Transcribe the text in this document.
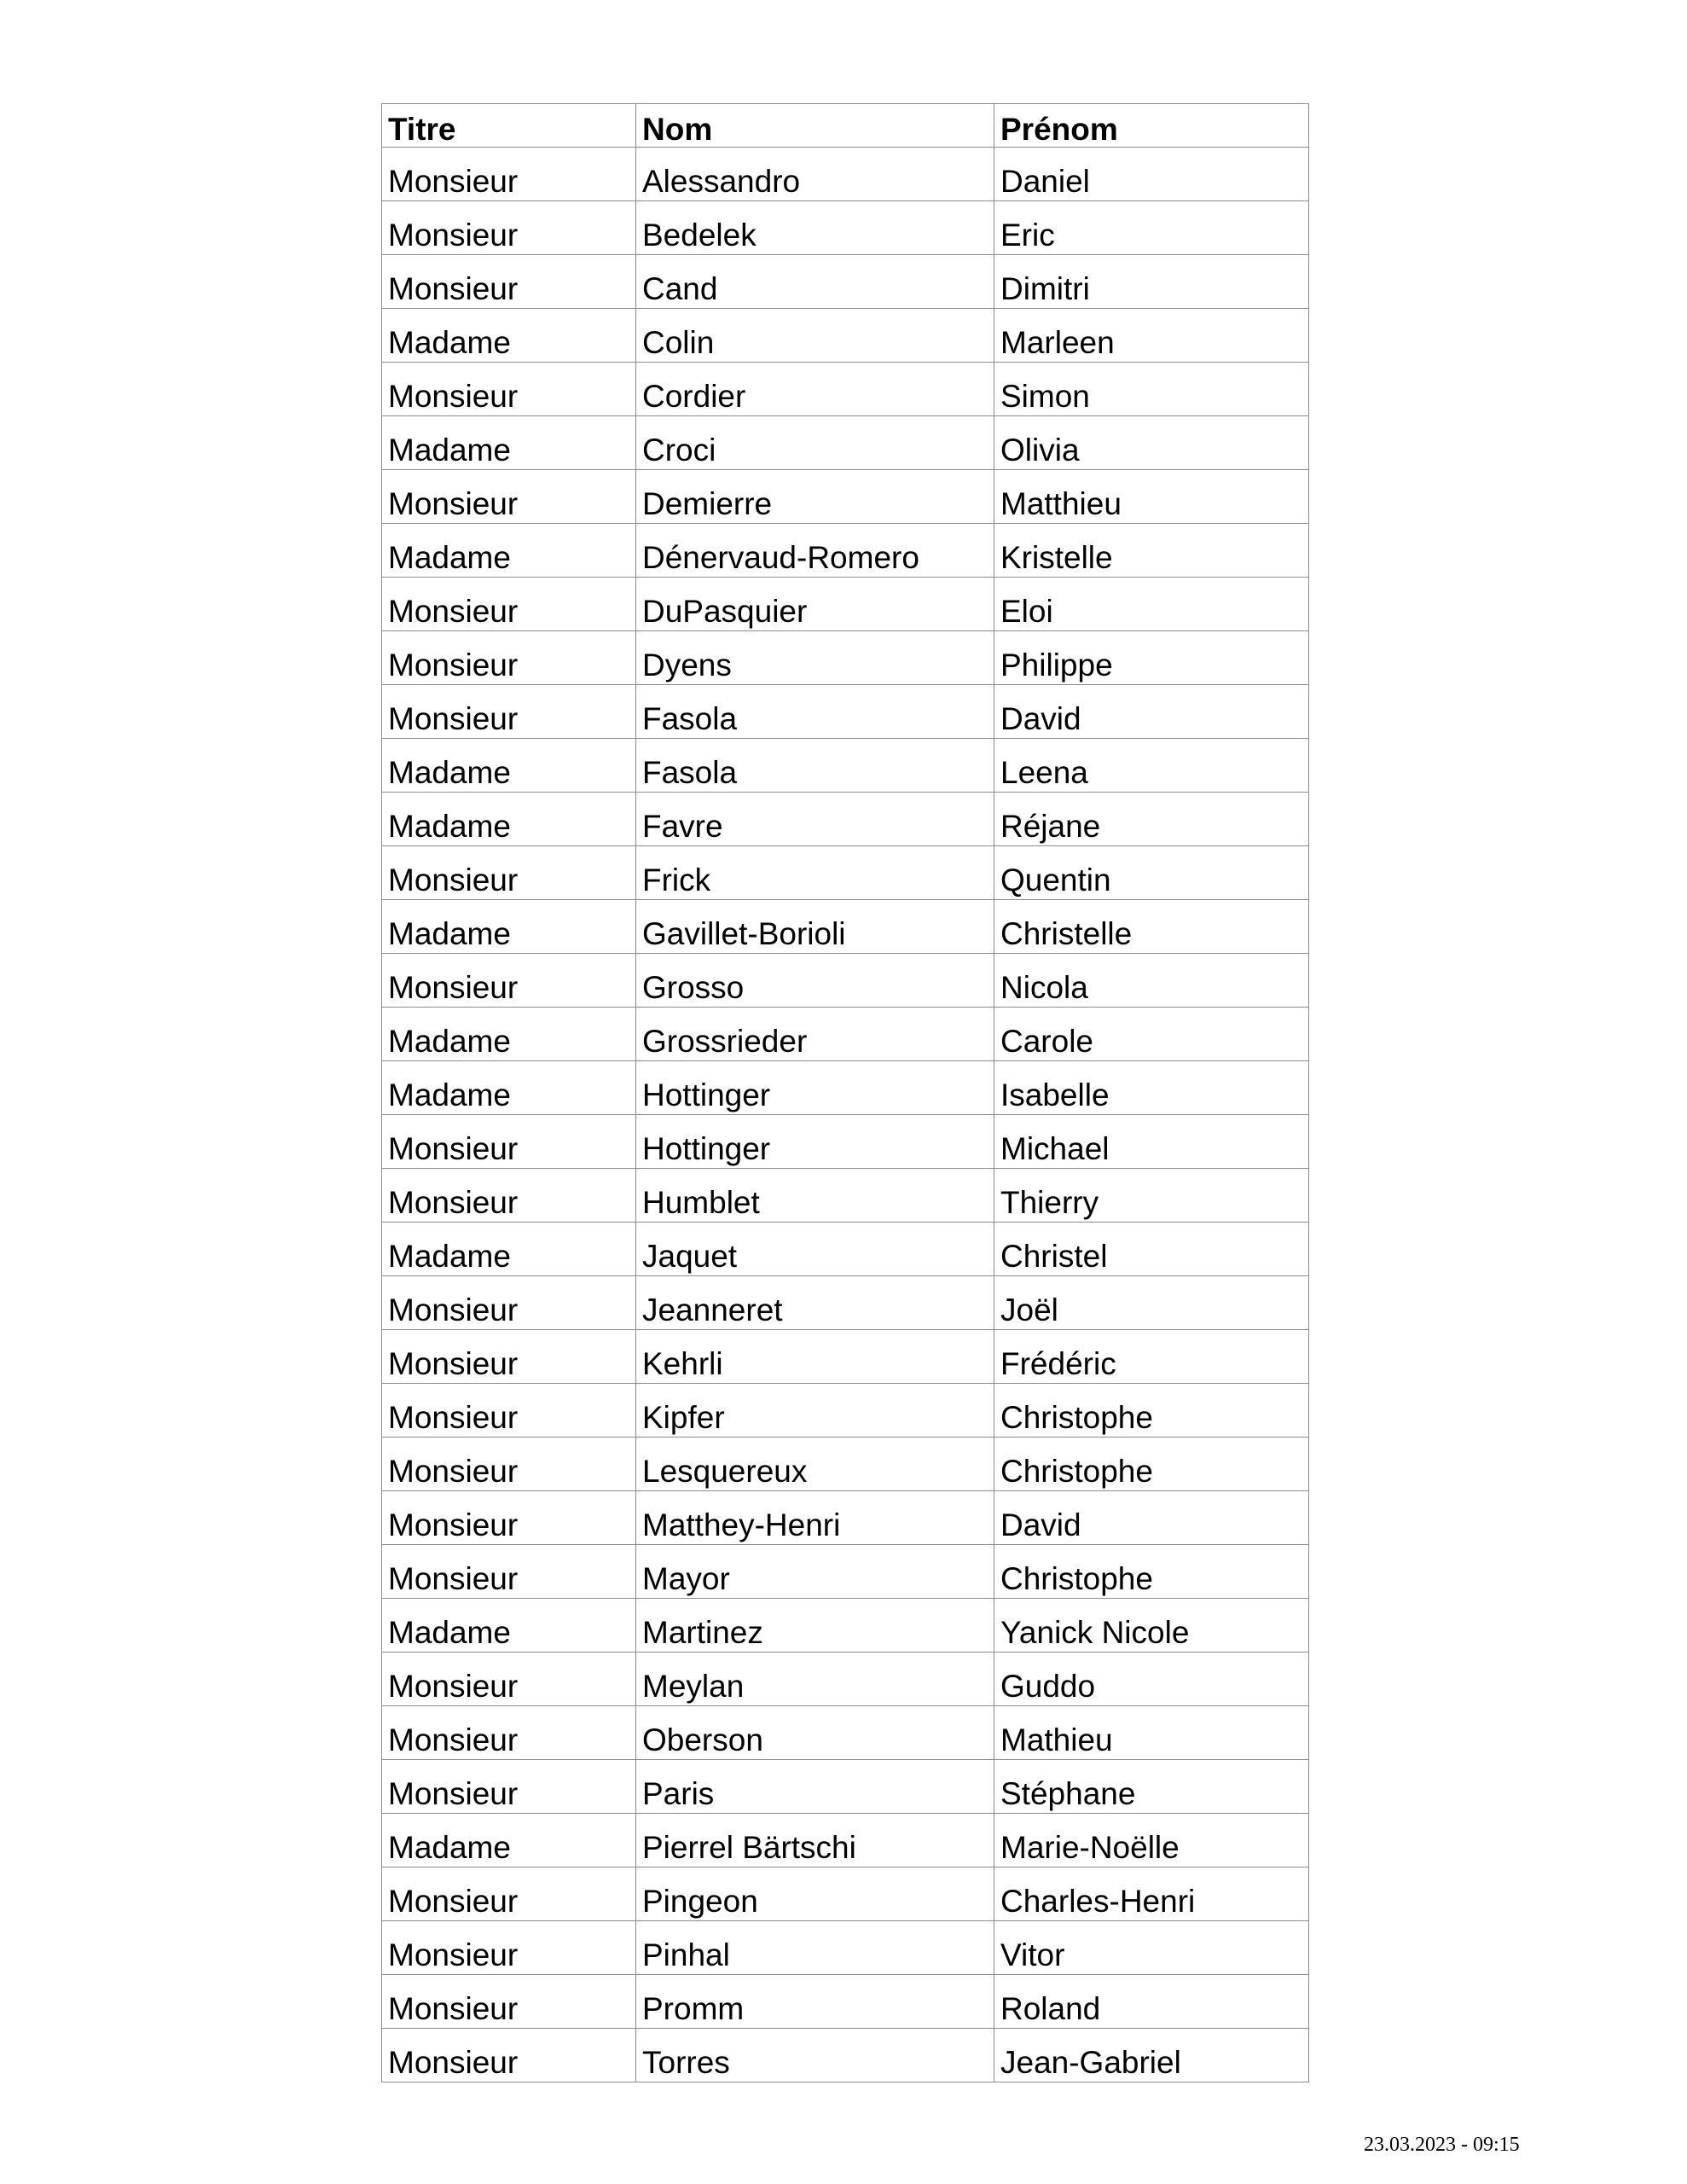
Titre	Nom	Prénom
Monsieur	Alessandro	Daniel
Monsieur	Bedelek	Eric
Monsieur	Cand	Dimitri
Madame	Colin	Marleen
Monsieur	Cordier	Simon
Madame	Croci	Olivia
Monsieur	Demierre	Matthieu
Madame	Dénervaud-Romero	Kristelle
Monsieur	DuPasquier	Eloi
Monsieur	Dyens	Philippe
Monsieur	Fasola	David
Madame	Fasola	Leena
Madame	Favre	Réjane
Monsieur	Frick	Quentin
Madame	Gavillet-Borioli	Christelle
Monsieur	Grosso	Nicola
Madame	Grossrieder	Carole
Madame	Hottinger	Isabelle
Monsieur	Hottinger	Michael
Monsieur	Humblet	Thierry
Madame	Jaquet	Christel
Monsieur	Jeanneret	Joël
Monsieur	Kehrli	Frédéric
Monsieur	Kipfer	Christophe
Monsieur	Lesquereux	Christophe
Monsieur	Matthey-Henri	David
Monsieur	Mayor	Christophe
Madame	Martinez	Yanick Nicole
Monsieur	Meylan	Guddo
Monsieur	Oberson	Mathieu
Monsieur	Paris	Stéphane
Madame	Pierrel Bärtschi	Marie-Noëlle
Monsieur	Pingeon	Charles-Henri
Monsieur	Pinhal	Vitor
Monsieur	Promm	Roland
Monsieur	Torres	Jean-Gabriel
23.03.2023 - 09:15
